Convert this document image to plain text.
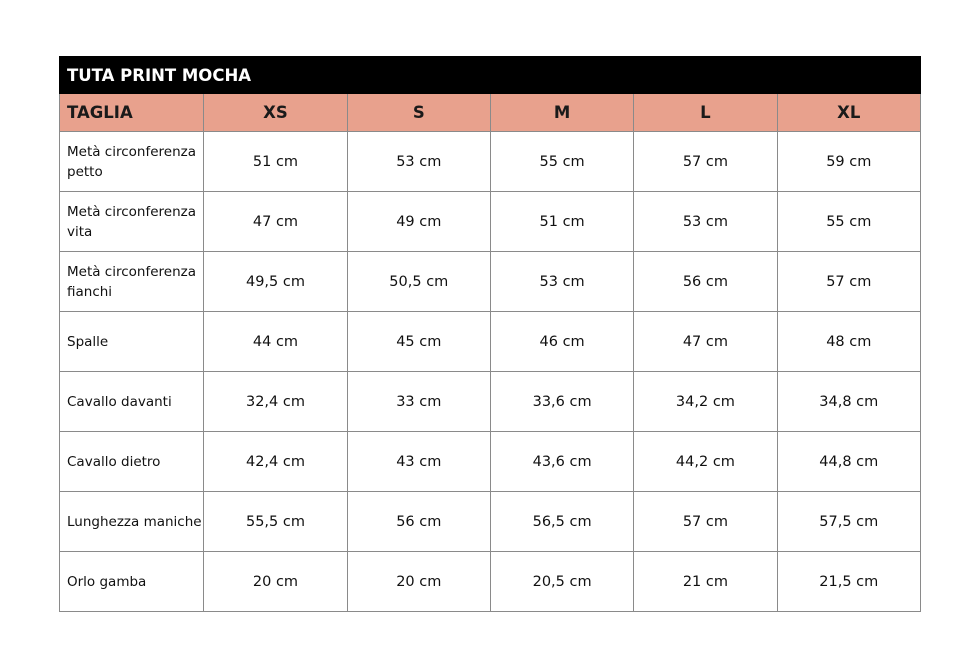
TUTA PRINT MOCHA					
TAGLIA	XS	S	M	L	XL
Metà circonferenza petto	51 cm	53 cm	55 cm	57 cm	59 cm
Metà circonferenza vita	47 cm	49 cm	51 cm	53 cm	55 cm
Metà circonferenza fianchi	49,5 cm	50,5 cm	53 cm	56 cm	57 cm
Spalle	44 cm	45 cm	46 cm	47 cm	48 cm
Cavallo davanti	32,4 cm	33 cm	33,6 cm	34,2 cm	34,8 cm
Cavallo dietro	42,4 cm	43 cm	43,6 cm	44,2 cm	44,8 cm
Lunghezza maniche	55,5 cm	56 cm	56,5 cm	57 cm	57,5 cm
Orlo gamba	20 cm	20 cm	20,5 cm	21 cm	21,5 cm
